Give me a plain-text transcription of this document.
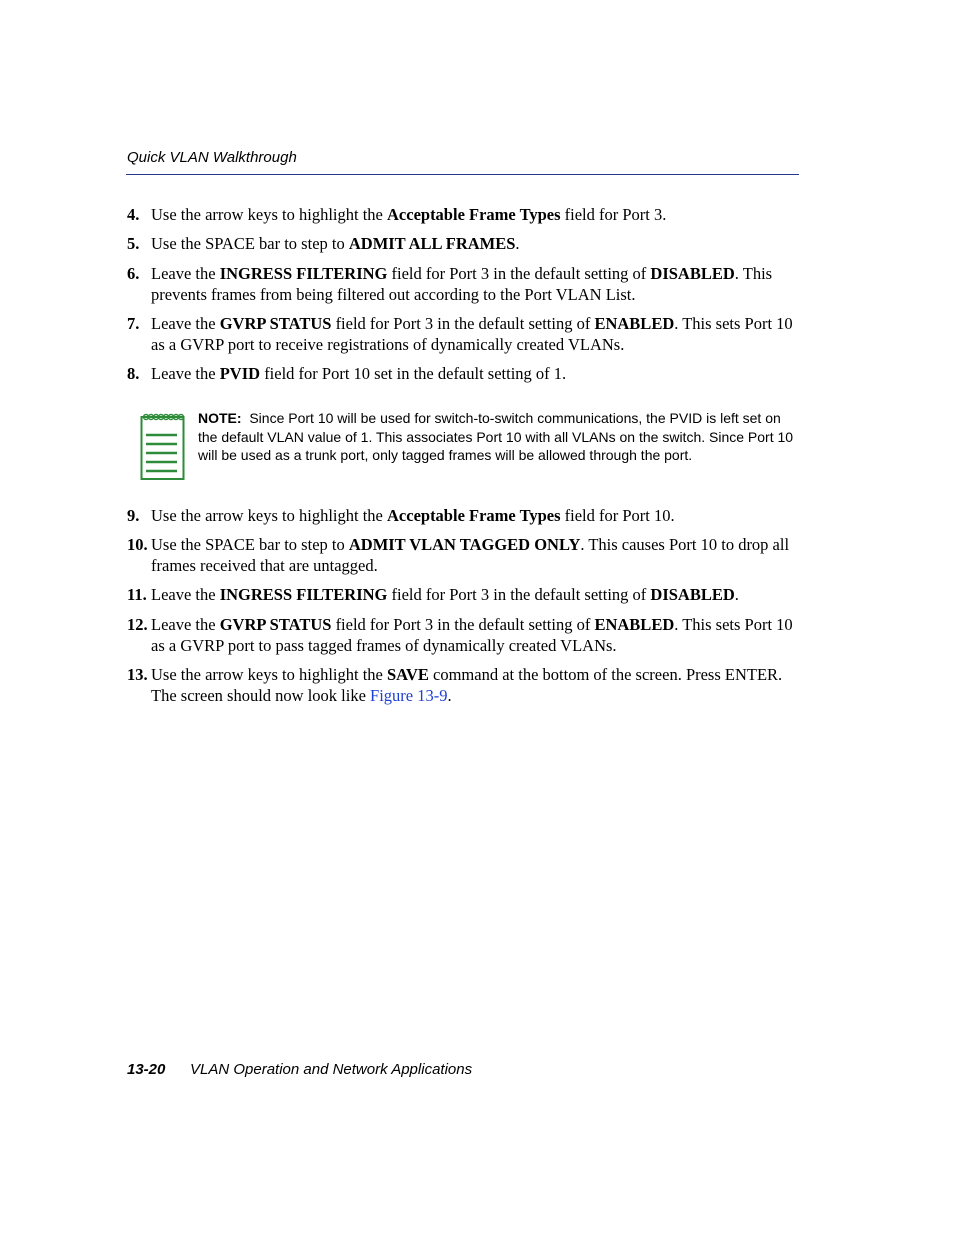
Quick VLAN Walkthrough
4. Use the arrow keys to highlight the Acceptable Frame Types field for Port 3.
5. Use the SPACE bar to step to ADMIT ALL FRAMES.
6. Leave the INGRESS FILTERING field for Port 3 in the default setting of DISABLED. This prevents frames from being filtered out according to the Port VLAN List.
7. Leave the GVRP STATUS field for Port 3 in the default setting of ENABLED. This sets Port 10 as a GVRP port to receive registrations of dynamically created VLANs.
8. Leave the PVID field for Port 10 set in the default setting of 1.
NOTE: Since Port 10 will be used for switch-to-switch communications, the PVID is left set on the default VLAN value of 1. This associates Port 10 with all VLANs on the switch. Since Port 10 will be used as a trunk port, only tagged frames will be allowed through the port.
9. Use the arrow keys to highlight the Acceptable Frame Types field for Port 10.
10. Use the SPACE bar to step to ADMIT VLAN TAGGED ONLY. This causes Port 10 to drop all frames received that are untagged.
11. Leave the INGRESS FILTERING field for Port 3 in the default setting of DISABLED.
12. Leave the GVRP STATUS field for Port 3 in the default setting of ENABLED. This sets Port 10 as a GVRP port to pass tagged frames of dynamically created VLANs.
13. Use the arrow keys to highlight the SAVE command at the bottom of the screen. Press ENTER. The screen should now look like Figure 13-9.
13-20 VLAN Operation and Network Applications
